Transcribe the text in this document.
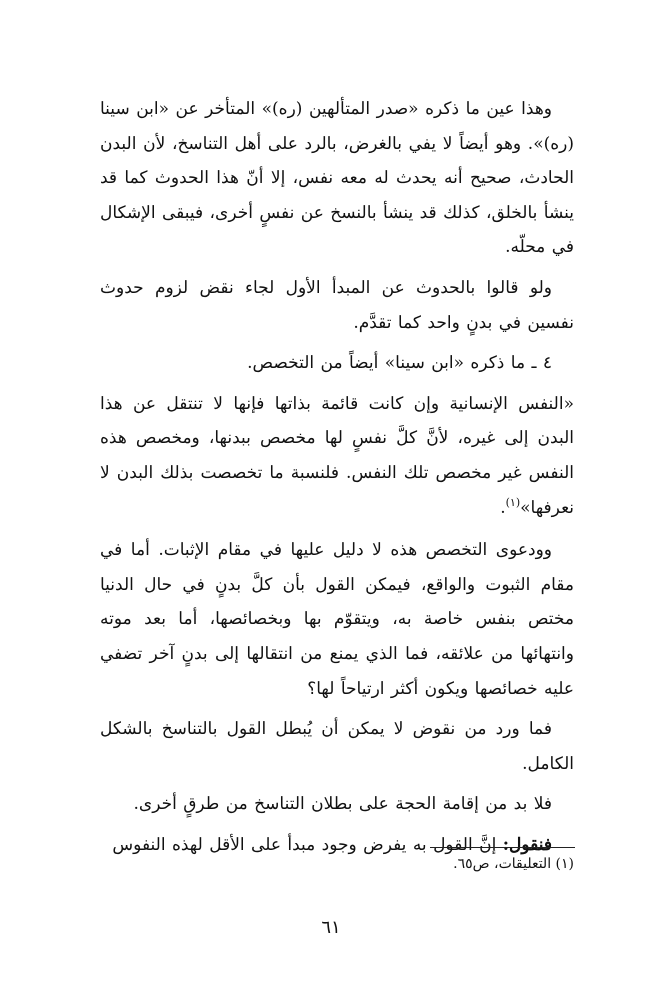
وهذا عين ما ذكره «صدر المتألهين (ره)» المتأخر عن «ابن سينا (ره)». وهو أيضاً لا يفي بالغرض، بالرد على أهل التناسخ، لأن البدن الحادث، صحيح أنه يحدث له معه نفس، إلا أنّ هذا الحدوث كما قد ينشأ بالخلق، كذلك قد ينشأ بالنسخ عن نفسٍ أخرى، فيبقى الإشكال في محلّه.

ولو قالوا بالحدوث عن المبدأ الأول لجاء نقض لزوم حدوث نفسين في بدنٍ واحد كما تقدَّم.

٤ ـ ما ذكره «ابن سينا» أيضاً من التخصص.

«النفس الإنسانية وإن كانت قائمة بذاتها فإنها لا تنتقل عن هذا البدن إلى غيره، لأنَّ كلَّ نفسٍ لها مخصص ببدنها، ومخصص هذه النفس غير مخصص تلك النفس. فلنسبة ما تخصصت بذلك البدن لا نعرفها»$^{(١)}$.

وودعوى التخصص هذه لا دليل عليها في مقام الإثبات. أما في مقام الثبوت والواقع، فيمكن القول بأن كلَّ بدنٍ في حال الدنيا مختص بنفس خاصة به، ويتقوّم بها وبخصائصها، أما بعد موته وانتهائها من علائقه، فما الذي يمنع من انتقالها إلى بدنٍ آخر تضفي عليه خصائصها ويكون أكثر ارتياحاً لها؟

فما ورد من نقوض لا يمكن أن يُبطل القول بالتناسخ بالشكل الكامل.

فلا بد من إقامة الحجة على بطلان التناسخ من طرقٍ أخرى.

فنقول: إنَّ القول به يفرض وجود مبدأ على الأقل لهذه النفوس

(١) التعليقات، ص٦٥.
٦١
